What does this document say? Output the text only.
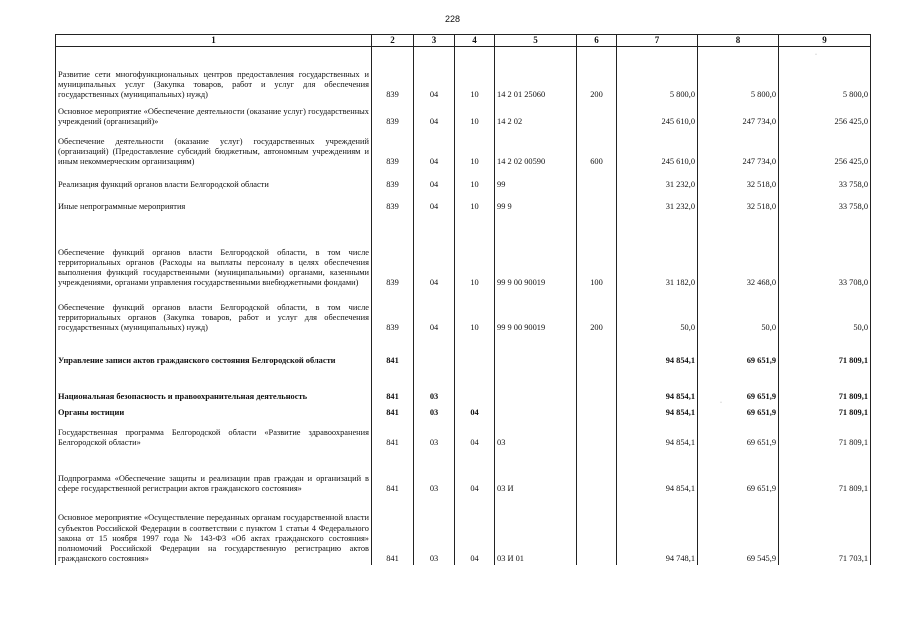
228
1	2	3	4	5	6	7	8	9
Развитие сети многофункциональных центров предоставления государственных и муниципальных услуг (Закупка товаров, работ и услуг для обеспечения государственных (муниципальных) нужд)	839	04	10	14 2 01 25060	200	5 800,0	5 800,0	5 800,0
Основное мероприятие «Обеспечение деятельности (оказание услуг) государственных учреждений (организаций)»	839	04	10	14 2 02		245 610,0	247 734,0	256 425,0
Обеспечение деятельности (оказание услуг) государственных учреждений (организаций) (Предоставление субсидий бюджетным, автономным учреждениям и иным некоммерческим организациям)	839	04	10	14 2 02 00590	600	245 610,0	247 734,0	256 425,0
Реализация функций органов власти Белгородской области	839	04	10	99		31 232,0	32 518,0	33 758,0
Иные непрограммные мероприятия	839	04	10	99 9		31 232,0	32 518,0	33 758,0
Обеспечение функций органов власти Белгородской области, в том числе территориальных органов (Расходы на выплаты персоналу в целях обеспечения выполнения функций государственными (муниципальными) органами, казенными учреждениями, органами управления государственными внебюджетными фондами)	839	04	10	99 9 00 90019	100	31 182,0	32 468,0	33 708,0
Обеспечение функций органов власти Белгородской области, в том числе территориальных органов (Закупка товаров, работ и услуг для обеспечения государственных (муниципальных) нужд)	839	04	10	99 9 00 90019	200	50,0	50,0	50,0
Управление записи актов гражданского состояния Белгородской области	841					94 854,1	69 651,9	71 809,1
Национальная безопасность и правоохранительная деятельность	841	03				94 854,1	69 651,9	71 809,1
Органы юстиции	841	03	04			94 854,1	69 651,9	71 809,1
Государственная программа Белгородской области «Развитие здравоохранения Белгородской области»	841	03	04	03		94 854,1	69 651,9	71 809,1
Подпрограмма «Обеспечение защиты и реализации прав граждан и организаций в сфере государственной регистрации актов гражданского состояния»	841	03	04	03 И		94 854,1	69 651,9	71 809,1
Основное мероприятие «Осуществление переданных органам государственной власти субъектов Российской Федерации в соответствии с пунктом 1 статьи 4 Федерального закона от 15 ноября 1997 года № 143-ФЗ «Об актах гражданского состояния» полномочий Российской Федерации на государственную регистрацию актов гражданского состояния»	841	03	04	03 И 01		94 748,1	69 545,9	71 703,1
·
·
